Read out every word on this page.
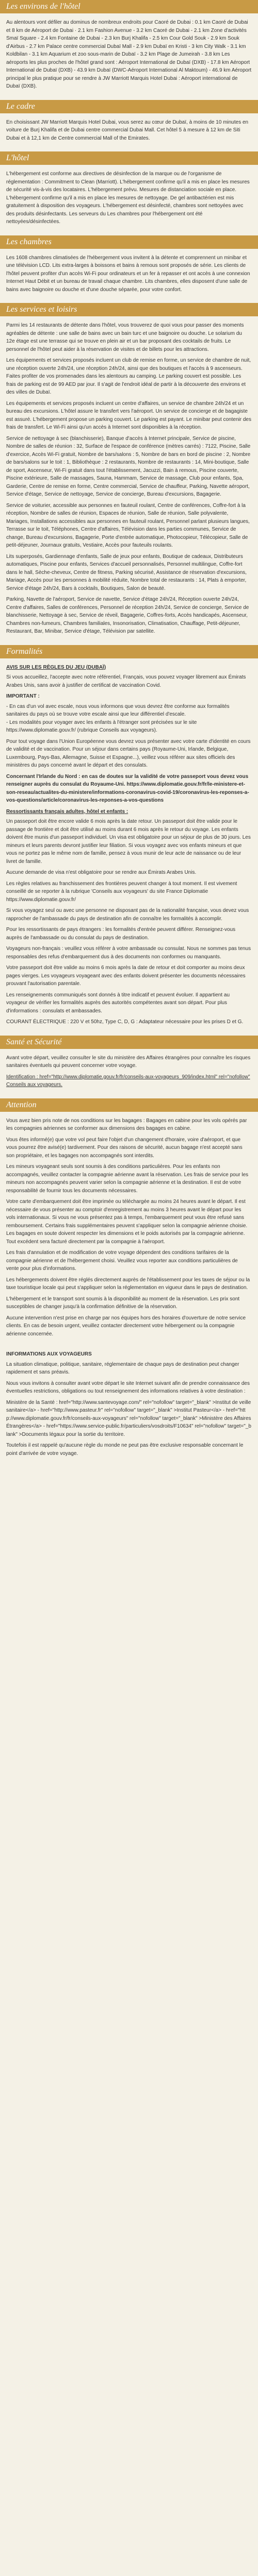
Les environs de l'hôtel

Au alentours vont défiler au dominus de nombreux endroits pour Caoré de Dubai : 0.1 km Caoré de Dubai et 8 km de Aéroport de Dubai · 2.1 km Fashion Avenue - 3.2 km Caoré de Dubai - 2.1 km Zone d'activités Smaï Square - 2.4 km Fontaine de Dubai - 2.3 km Burj Khalifa - 2.5 km Cour Gold Souk - 2.9 km Souk d'Airbus - 2.7 km Palace centre commercial Dubaï Mall - 2.9 km Dubaï en Kristi - 3 km City Walk - 3.1 km Koldbilan - 3.1 km Aquarium et zoo sous-marin de Dubaï - 3.2 km Plage de Jumeirah - 3.8 km Les aéroports les plus proches de l'hôtel grand sont : Aéroport International de Dubaï (DXB) - 17.8 km Aéroport International de Dubaï (DXB) - 43.9 km Dubaï (DWC-Aéroport International Al Maktoum) - 46.9 km Aéroport principal le plus pratique pour se rendre à JW Marriott Marquis Hotel Dubai : Aéroport international de Dubaï (DXB).

Le cadre

En choisissant JW Marriott Marquis Hotel Dubai, vous serez au cœur de Dubaï, à moins de 10 minutes en voiture de Burj Khalifa et de Dubai centre commercial Dubai Mall. Cet hôtel 5 à mesure à 12 km de Siti Dubai et à 12,1 km de Centre commercial Mall of the Emirates.

L'hôtel

L'hébergement est conforme aux directives de désinfection de la marque ou de l'organisme de réglementation : Commitment to Clean (Marriott). L'hébergement confirme qu'il a mis en place les mesures de sécurité vis-à-vis des locataires. L'hébergement prévu. Mesures de distanciation sociale en place. L'hébergement confirme qu'il a mis en place les mesures de nettoyage. De gel antibactérien est mis gratuitement à disposition des voyageurs. L'hébergement est désinfecté, chambres sont nettoyées avec des produits désinfectants. Les serveurs du Les chambres pour l'hébergement ont été nettoyées/désinfectées.

Les chambres

Les 1608 chambres climatisées de l'hébergement vous invitent à la détente et comprennent un minibar et une télévision LCD. Lits extra-larges à boissons et bains à remous sont proposés de série. Les clients de l'hôtel peuvent profiter d'un accès Wi-Fi pour ordinateurs et un fer à repasser et ont accès à une connexion Internet Haut Débit et un bureau de travail chaque chambre. Lits chambres, elles disposent d'une salle de bains avec baignoire ou douche et d'une douche séparée, pour votre confort.

Les services et loisirs

Parmi les 14 restaurants de détente dans l'hôtel, vous trouverez de quoi vous pour passer des moments agréables de détente : une salle de bains avec un bain turc et une baignoire ou douche. Le solarium du 12e étage est une terrasse qui se trouve en plein air et un bar proposant des cocktails de fruits. Le personnel de l'hôtel peut aider à la réservation de visites et de billets pour les attractions.

Les équipements et services proposés incluent un club de remise en forme, un service de chambre de nuit, une réception ouverte 24h/24, une réception 24h/24, ainsi que des boutiques et l'accès à 9 ascenseurs. Faites profiter de vos promenades dans les alentours au camping. Le parking couvert est possible. Les frais de parking est de 99 AED par jour. Il s'agit de l'endroit idéal de partir à la découverte des environs et des villes de Dubaï.

Les équipements et services proposés incluent un centre d'affaires, un service de chambre 24h/24 et un bureau des excursions. L'hôtel assure le transfert vers l'aéroport. Un service de concierge et de bagagiste est assuré. L'hébergement propose un parking couvert. Le parking est payant. Le minibar peut contenir des frais de transfert. Le Wi-Fi ainsi qu'un accès à Internet sont disponibles à la réception.

Service de nettoyage à sec (blanchisserie), Banque d'accès à Internet principale, Service de piscine, Nombre de salles de réunion : 32, Surface de l'espace de conférence (mètres carrés) : 7122, Piscine, Salle d'exercice, Accès Wi-Fi gratuit, Nombre de bars/salons : 5, Nombre de bars en bord de piscine : 2, Nombre de bars/salons sur le toit : 1, Bibliothèque : 2 restaurants, Nombre de restaurants : 14, Mini-boutique, Salle de sport, Ascenseur, Wi-Fi gratuit dans tout l'établissement, Jacuzzi, Bain à remous, Piscine couverte, Piscine extérieure, Salle de massages, Sauna, Hammam, Service de massage, Club pour enfants, Spa, Garderie, Centre de remise en forme, Centre commercial, Service de chauffeur, Parking, Navette aéroport, Service d'étage, Service de nettoyage, Service de concierge, Bureau d'excursions, Bagagerie.

Service de voiturier, accessible aux personnes en fauteuil roulant, Centre de conférences, Coffre-fort à la réception, Nombre de salles de réunion, Espaces de réunion, Salle de réunion, Salle polyvalente, Mariages, Installations accessibles aux personnes en fauteuil roulant, Personnel parlant plusieurs langues, Terrasse sur le toit, Téléphones, Centre d'affaires, Télévision dans les parties communes, Service de change, Bureau d'excursions, Bagagerie, Porte d'entrée automatique, Photocopieur, Télécopieur, Salle de petit-déjeuner, Journaux gratuits, Vestiaire, Accès pour fauteuils roulants.

Lits superposés, Gardiennage d'enfants, Salle de jeux pour enfants, Boutique de cadeaux, Distributeurs automatiques, Piscine pour enfants, Services d'accueil personnalisés, Personnel multilingue, Coffre-fort dans le hall, Sèche-cheveux, Centre de fitness, Parking sécurisé, Assistance de réservation d'excursions, Mariage, Accès pour les personnes à mobilité réduite, Nombre total de restaurants : 14, Plats à emporter, Service d'étage 24h/24, Bars à cocktails, Boutiques, Salon de beauté.

Parking, Navette de l'aéroport, Service de navette, Service d'étage 24h/24, Réception ouverte 24h/24, Centre d'affaires, Salles de conférences, Personnel de réception 24h/24, Service de concierge, Service de blanchisserie, Nettoyage à sec, Service de réveil, Bagagerie, Coffres-forts, Accès handicapés, Ascenseur, Chambres non-fumeurs, Chambres familiales, Insonorisation, Climatisation, Chauffage, Petit-déjeuner, Restaurant, Bar, Minibar, Service d'étage, Télévision par satellite.

Formalités

AVIS SUR LES RÈGLES DU JEU (DUBAÏ)

Si vous accueillez, l'accepte avec notre référentiel, Français, vous pouvez voyager librement aux Émirats Arabes Unis, sans avoir à justifier de certificat de vaccination Covid.

IMPORTANT :

- En cas d'un vol avec escale, nous vous informons que vous devrez être conforme aux formalités sanitaires du pays où se trouve votre escale ainsi que leur différentiel d'escale.
- Les modalités pour voyager avec les enfants à l'étranger sont précisées sur le site https://www.diplomatie.gouv.fr/ (rubrique Conseils aux voyageurs).

Pour tout voyage dans l'Union Européenne vous devrez vous présenter avec votre carte d'identité en cours de validité et de vaccination. Pour un séjour dans certains pays (Royaume-Uni, Irlande, Belgique, Luxembourg, Pays-Bas, Allemagne, Suisse et Espagne...), veillez vous référer aux sites officiels des ministères du pays concerné avant le départ et des consulats.

Concernant l'Irlande du Nord : en cas de doutes sur la validité de votre passeport vous devez vous renseigner auprès du consulat du Royaume-Uni. https://www.diplomatie.gouv.fr/fr/le-ministere-et-son-reseau/actualites-du-ministere/informations-coronavirus-covid-19/coronavirus-les-reponses-a-vos-questions/article/coronavirus-les-reponses-a-vos-questions

Ressortissants français adultes, hôtel et enfants :

Un passeport doit être encore valide 6 mois après la date retour. Un passeport doit être valide pour le passage de frontière et doit être utilisé au moins durant 6 mois après le retour du voyage. Les enfants doivent être munis d'un passeport individuel. Un visa est obligatoire pour un séjour de plus de 30 jours. Les mineurs et leurs parents devront justifier leur filiation. Si vous voyagez avec vos enfants mineurs et que vous ne portez pas le même nom de famille, pensez à vous munir de leur acte de naissance ou de leur livret de famille.

Aucune demande de visa n'est obligatoire pour se rendre aux Émirats Arabes Unis.

Les règles relatives au franchissement des frontières peuvent changer à tout moment. Il est vivement conseillé de se reporter à la rubrique 'Conseils aux voyageurs' du site France Diplomatie https://www.diplomatie.gouv.fr/

Si vous voyagez seul ou avec une personne ne disposant pas de la nationalité française, vous devez vous rapprocher de l'ambassade du pays de destination afin de connaître les formalités à accomplir.

Pour les ressortissants de pays étrangers : les formalités d'entrée peuvent différer. Renseignez-vous auprès de l'ambassade ou du consulat du pays de destination.

Voyageurs non-français : veuillez vous référer à votre ambassade ou consulat. Nous ne sommes pas tenus responsables des refus d'embarquement dus à des documents non conformes ou manquants.

Votre passeport doit être valide au moins 6 mois après la date de retour et doit comporter au moins deux pages vierges. Les voyageurs voyageant avec des enfants doivent présenter les documents nécessaires prouvant l'autorisation parentale.

Les renseignements communiqués sont donnés à titre indicatif et peuvent évoluer. Il appartient au voyageur de vérifier les formalités auprès des autorités compétentes avant son départ. Pour plus d'informations : consulats et ambassades.

COURANT ÉLECTRIQUE : 220 V et 50hz, Type C, D, G : Adaptateur nécessaire pour les prises D et G.

Santé et Sécurité

Avant votre départ, veuillez consulter le site du ministère des Affaires étrangères pour connaître les risques sanitaires éventuels qui peuvent concerner votre voyage.

Identification : href="http://www.diplomatie.gouv.fr/fr/conseils-aux-voyageurs_909/index.html" rel="nofollow" Conseils aux voyageurs.

Attention

Vous avez bien pris note de nos conditions sur les bagages : Bagages en cabine pour les vols opérés par les compagnies aériennes se conformer aux dimensions des bagages en cabine.

Vous êtes informé(e) que votre vol peut faire l'objet d'un changement d'horaire, voire d'aéroport, et que vous pourrez être avisé(e) tardivement. Pour des raisons de sécurité, aucun bagage n'est accepté sans son propriétaire, et les bagages non accompagnés sont interdits.

Les mineurs voyageant seuls sont soumis à des conditions particulières. Pour les enfants non accompagnés, veuillez contacter la compagnie aérienne avant la réservation. Les frais de service pour les mineurs non accompagnés peuvent varier selon la compagnie aérienne et la destination. Il est de votre responsabilité de fournir tous les documents nécessaires.

Votre carte d'embarquement doit être imprimée ou téléchargée au moins 24 heures avant le départ. Il est nécessaire de vous présenter au comptoir d'enregistrement au moins 3 heures avant le départ pour les vols internationaux. Si vous ne vous présentez pas à temps, l'embarquement peut vous être refusé sans remboursement. Certains frais supplémentaires peuvent s'appliquer selon la compagnie aérienne choisie. Les bagages en soute doivent respecter les dimensions et le poids autorisés par la compagnie aérienne. Tout excédent sera facturé directement par la compagnie à l'aéroport.

Les frais d'annulation et de modification de votre voyage dépendent des conditions tarifaires de la compagnie aérienne et de l'hébergement choisi. Veuillez vous reporter aux conditions particulières de vente pour plus d'informations.

Les hébergements doivent être réglés directement auprès de l'établissement pour les taxes de séjour ou la taxe touristique locale qui peut s'appliquer selon la réglementation en vigueur dans le pays de destination.

L'hébergement et le transport sont soumis à la disponibilité au moment de la réservation. Les prix sont susceptibles de changer jusqu'à la confirmation définitive de la réservation.

Aucune intervention n'est prise en charge par nos équipes hors des horaires d'ouverture de notre service clients. En cas de besoin urgent, veuillez contacter directement votre hébergement ou la compagnie aérienne concernée.

INFORMATIONS AUX VOYAGEURS

La situation climatique, politique, sanitaire, réglementaire de chaque pays de destination peut changer rapidement et sans préavis.

Nous vous invitons à consulter avant votre départ le site Internet suivant afin de prendre connaissance des éventuelles restrictions, obligations ou tout renseignement des informations relatives à votre destination :

Ministère de la Santé : href="http://www.santevoyage.com/" rel="nofollow" target="_blank" >Institut de veille sanitaire</a> - href="http://www.pasteur.fr" rel="nofollow" target="_blank" >Institut Pasteur</a> - href="http://www.diplomatie.gouv.fr/fr/conseils-aux-voyageurs" rel="nofollow" target="_blank" >Ministère des Affaires Étrangères</a> - href="https://www.service-public.fr/particuliers/vosdroits/F10634" rel="nofollow" target="_blank" >Documents légaux pour la sortie du territoire.

Toutefois il est rappelé qu'aucune règle du monde ne peut pas être exclusive responsable concernant le point d'arrivée de votre voyage.
